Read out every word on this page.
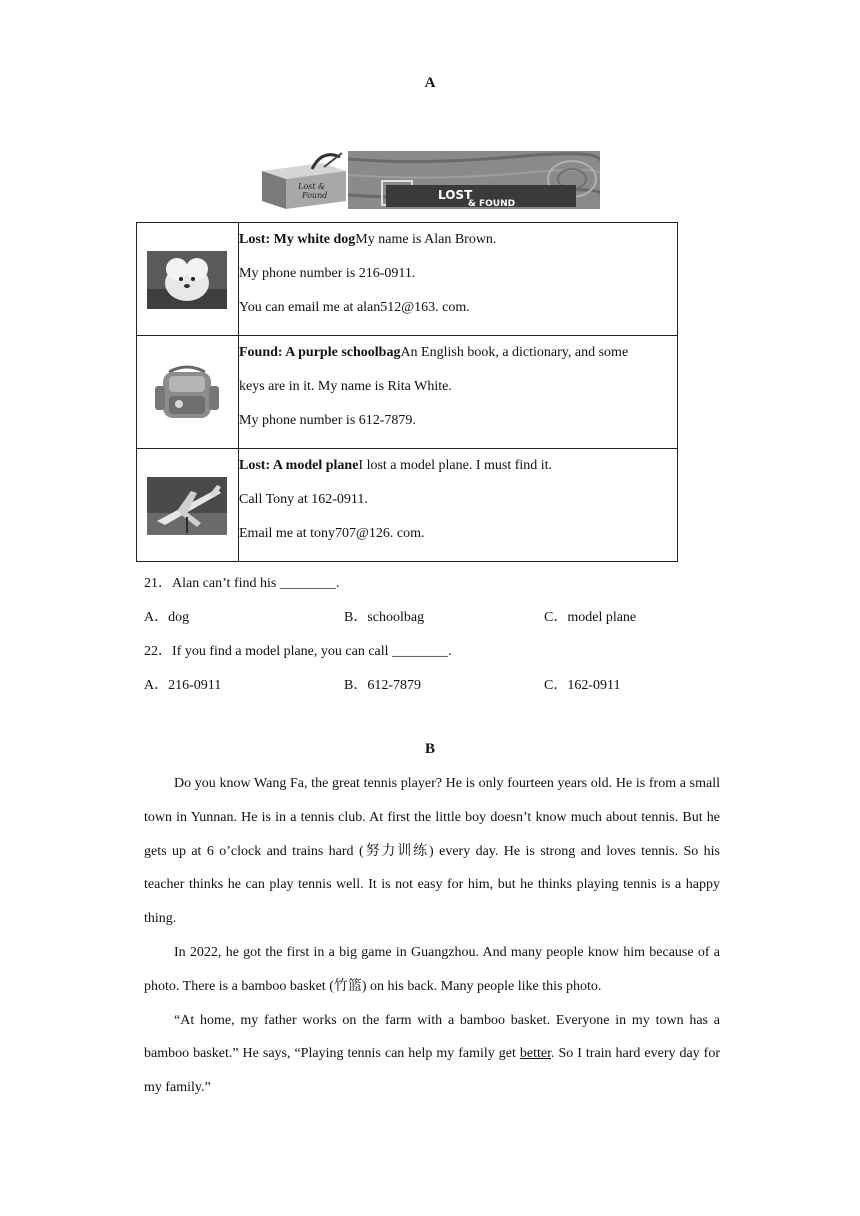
A
LOST
& FOUND
Lost &
Found

Lost: My white dogMy name is Alan Brown.
My phone number is 216-0911.
You can email me at alan512@163. com.

Found: A purple schoolbagAn English book, a dictionary, and some
keys are in it. My name is Rita White.
My phone number is 612-7879.

Lost: A model planeI lost a model plane. I must find it.
Call Tony at 162-0911.
Email me at tony707@126. com.
21．Alan can’t find his ________.
A．dog	B．schoolbag	C．model plane
22．If you find a model plane, you can call ________.
A．216-0911	B．612-7879	C．162-0911
B

Do you know Wang Fa, the great tennis player? He is only fourteen years old. He is from a small town in Yunnan. He is in a tennis club. At first the little boy doesn’t know much about tennis. But he gets up at 6 o’clock and trains hard (努力训练) every day. He is strong and loves tennis. So his teacher thinks he can play tennis well. It is not easy for him, but he thinks playing tennis is a happy thing.

In 2022, he got the first in a big game in Guangzhou. And many people know him because of a photo. There is a bamboo basket (竹篮) on his back. Many people like this photo.

“At home, my father works on the farm with a bamboo basket. Everyone in my town has a bamboo basket.” He says, “Playing tennis can help my family get better. So I train hard every day for my family.”
